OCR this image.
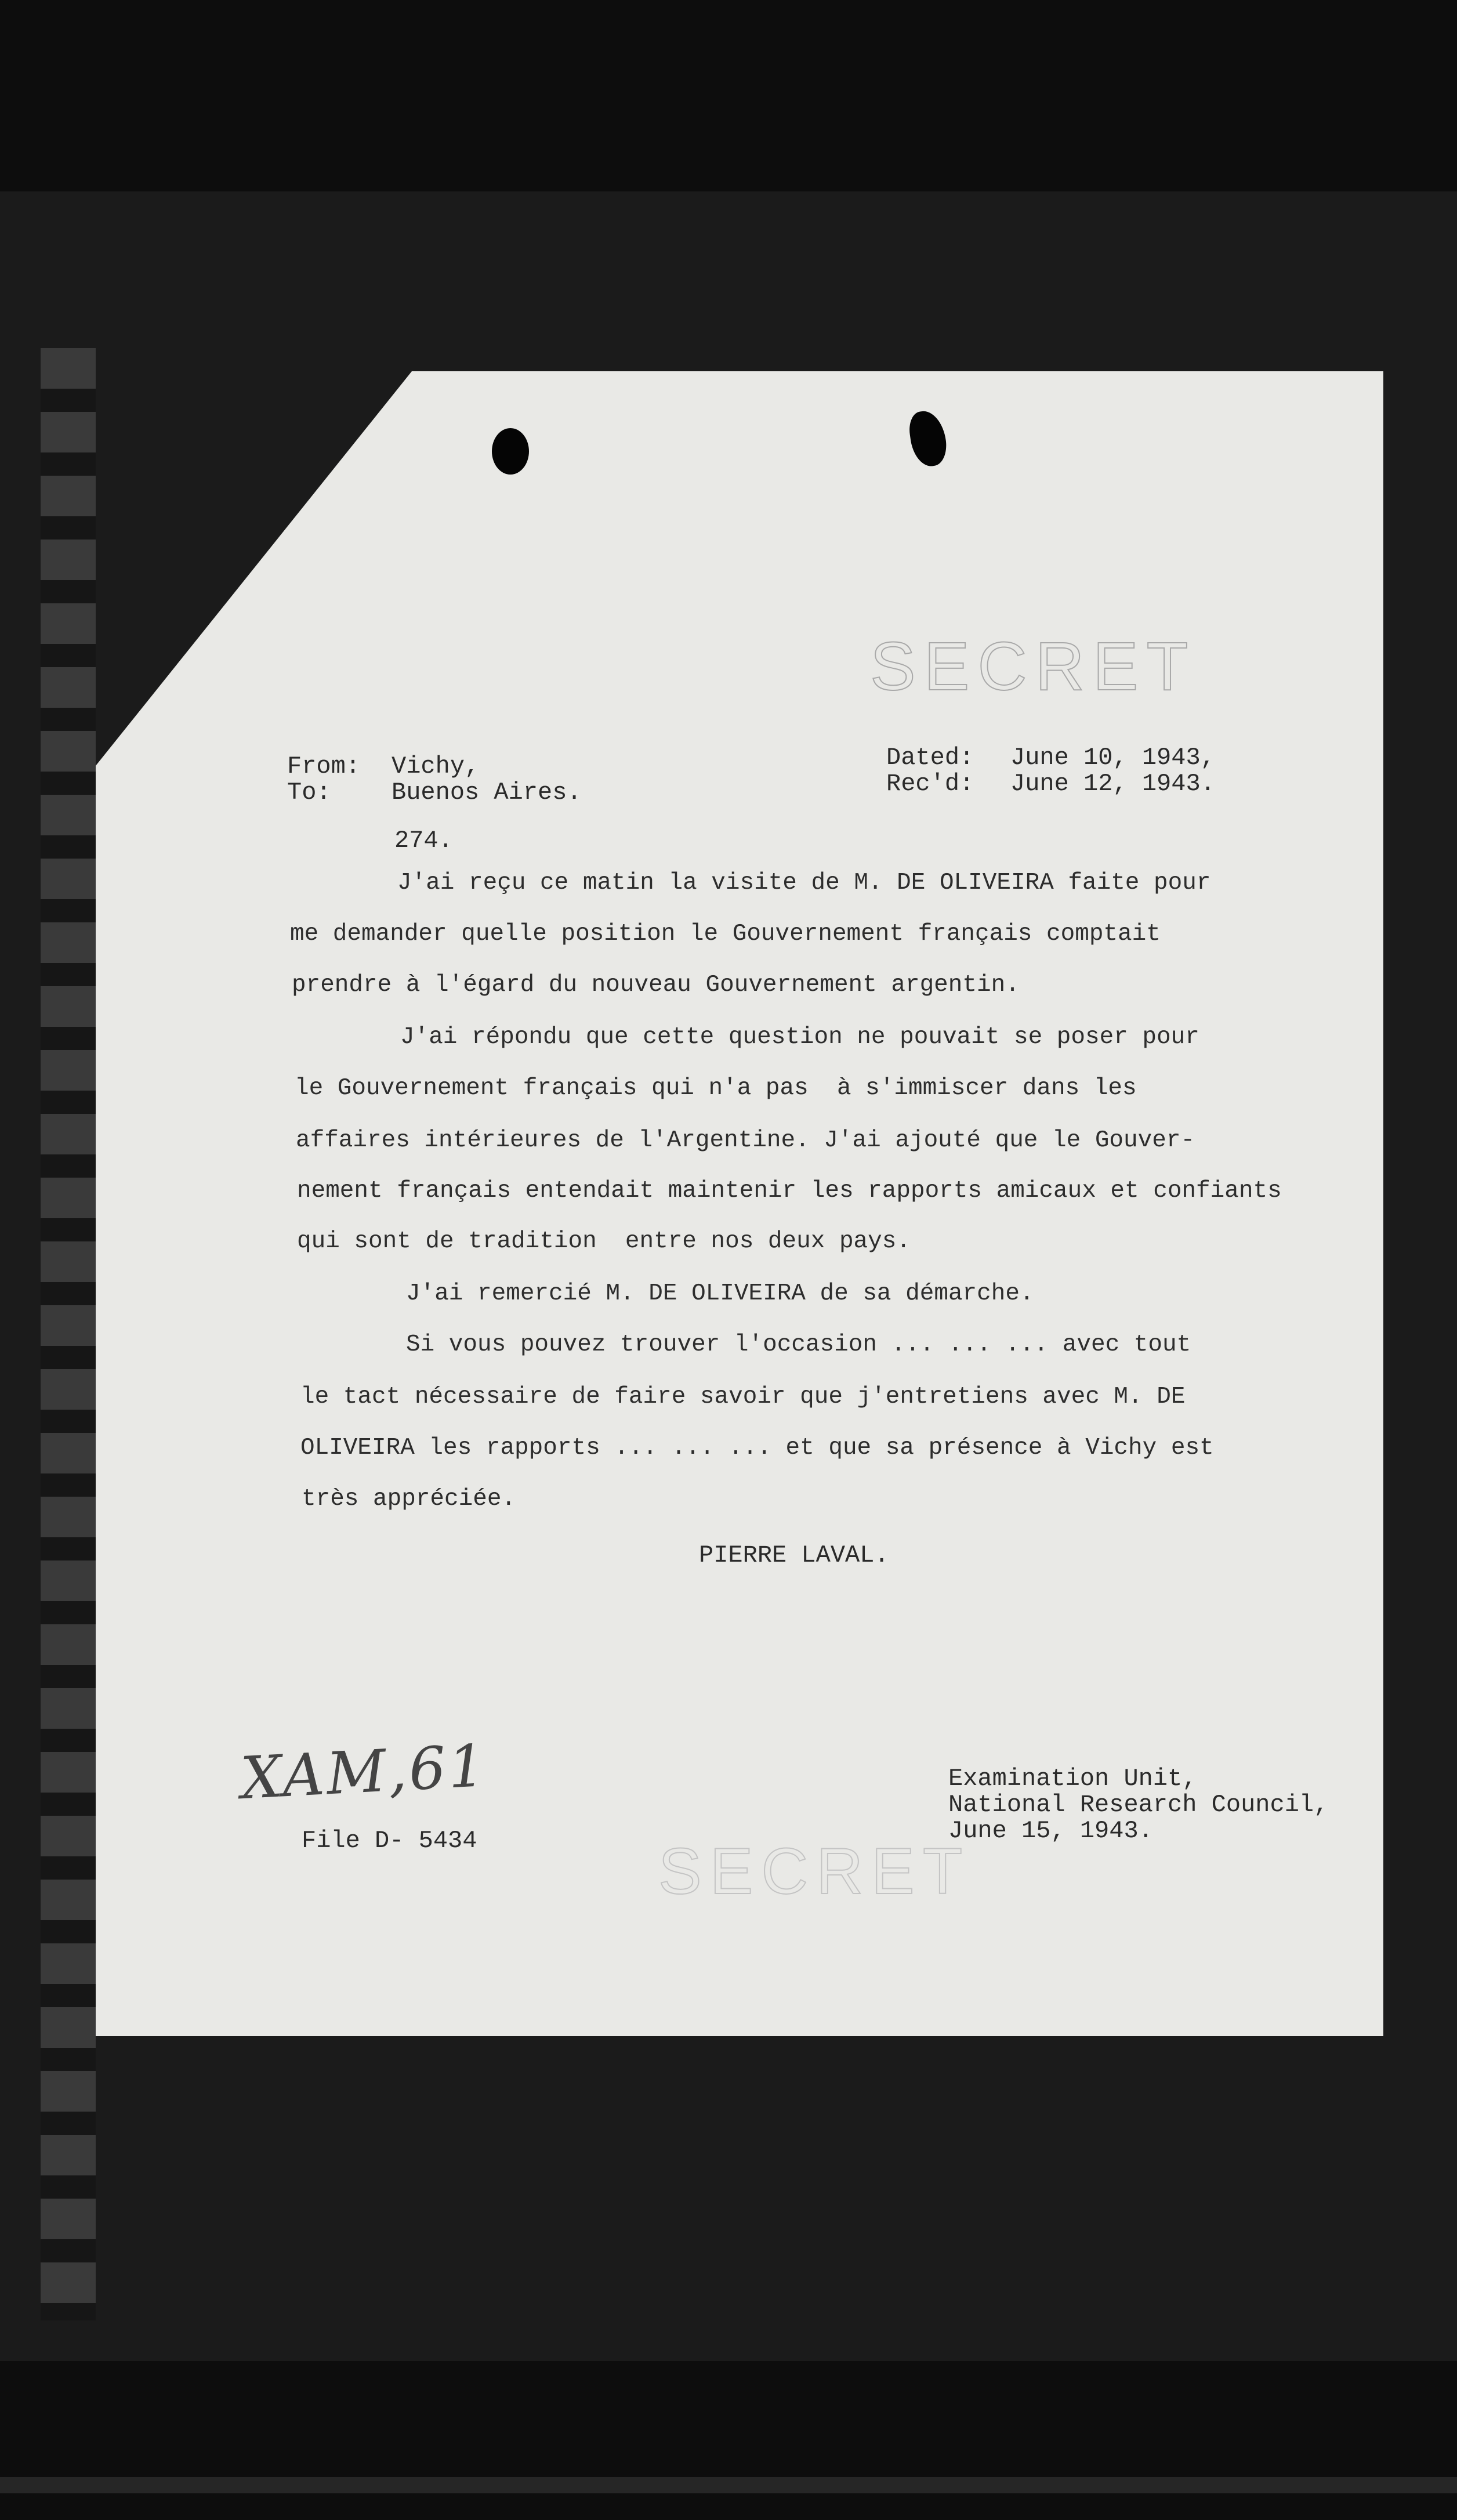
SECRET
From: Vichy,
To: Buenos Aires.
Dated: June 10, 1943,
Rec'd: June 12, 1943.
274.
J'ai reçu ce matin la visite de M. DE OLIVEIRA faite pour
me demander quelle position le Gouvernement français comptait
prendre à l'égard du nouveau Gouvernement argentin.
J'ai répondu que cette question ne pouvait se poser pour
le Gouvernement français qui n'a pas  à s'immiscer dans les
affaires intérieures de l'Argentine. J'ai ajouté que le Gouver-
nement français entendait maintenir les rapports amicaux et confiants
qui sont de tradition  entre nos deux pays.
J'ai remercié M. DE OLIVEIRA de sa démarche.
Si vous pouvez trouver l'occasion ... ... ... avec tout
le tact nécessaire de faire savoir que j'entretiens avec M. DE
OLIVEIRA les rapports ... ... ... et que sa présence à Vichy est
très appréciée.
PIERRE LAVAL.
XAM,61	Examination Unit,
National Research Council,
June 15, 1943.
File D- 5434	SECRET
